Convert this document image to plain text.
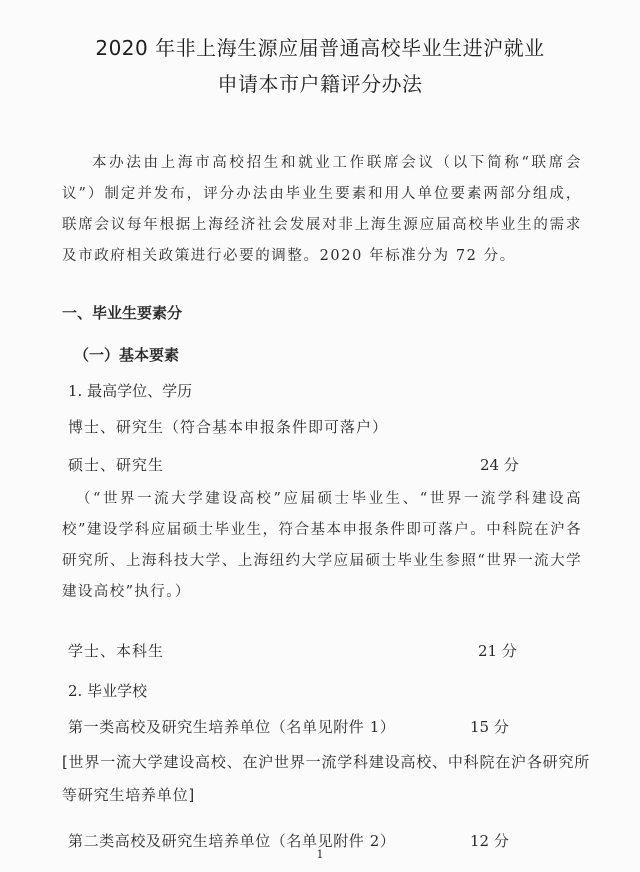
2020 年非上海生源应届普通高校毕业生进沪就业
申请本市户籍评分办法
本办法由上海市高校招生和就业工作联席会议（以下简称“联席会议”）制定并发布，评分办法由毕业生要素和用人单位要素两部分组成，联席会议每年根据上海经济社会发展对非上海生源应届高校毕业生的需求及市政府相关政策进行必要的调整。2020 年标准分为 72 分。
一、毕业生要素分
（一）基本要素
1. 最高学位、学历
博士、研究生（符合基本申报条件即可落户）
硕士、研究生	24 分
（“世界一流大学建设高校”应届硕士毕业生、“世界一流学科建设高校”建设学科应届硕士毕业生，符合基本申报条件即可落户。中科院在沪各研究所、上海科技大学、上海纽约大学应届硕士毕业生参照“世界一流大学建设高校”执行。）
学士、本科生	21 分
2. 毕业学校
第一类高校及研究生培养单位（名单见附件 1）	15 分
[世界一流大学建设高校、在沪世界一流学科建设高校、中科院在沪各研究所等研究生培养单位]
第二类高校及研究生培养单位（名单见附件 2）	12 分
1
